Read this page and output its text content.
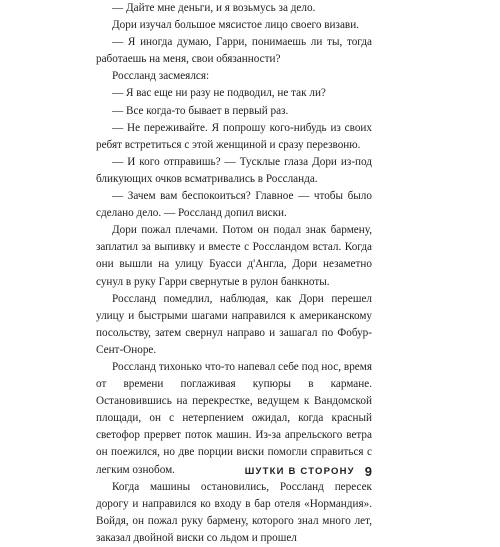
— Дайте мне деньги, и я возьмусь за дело.

Дори изучал большое мясистое лицо своего визави.

— Я иногда думаю, Гарри, понимаешь ли ты, тогда работаешь на меня, свои обязанности?

Россланд засмеялся:

— Я вас еще ни разу не подводил, не так ли?

— Все когда-то бывает в первый раз.

— Не переживайте. Я попрошу кого-нибудь из своих ребят встретиться с этой женщиной и сразу перезвоню.

— И кого отправишь? — Тусклые глаза Дори из-под бликующих очков всматривались в Россланда.

— Зачем вам беспокоиться? Главное — чтобы было сделано дело. — Россланд допил виски.

Дори пожал плечами. Потом он подал знак бармену, заплатил за выпивку и вместе с Россландом встал. Когда они вышли на улицу Буасси д'Англа, Дори незаметно сунул в руку Гарри свернутые в рулон банкноты.

Россланд помедлил, наблюдая, как Дори перешел улицу и быстрыми шагами направился к американскому посольству, затем свернул направо и зашагал по Фобур-Сент-Оноре.

Россланд тихонько что-то напевал себе под нос, время от времени поглаживая купюры в кармане. Остановившись на перекрестке, ведущем к Вандомской площади, он с нетерпением ожидал, когда красный светофор прервет поток машин. Из-за апрельского ветра он поежился, но две порции виски помогли справиться с легким ознобом.

Когда машины остановились, Россланд пересек дорогу и направился ко входу в бар отеля «Нормандия». Войдя, он пожал руку бармену, которого знал много лет, заказал двойной виски со льдом и прошел

ШУТКИ В СТОРОНУ 9
